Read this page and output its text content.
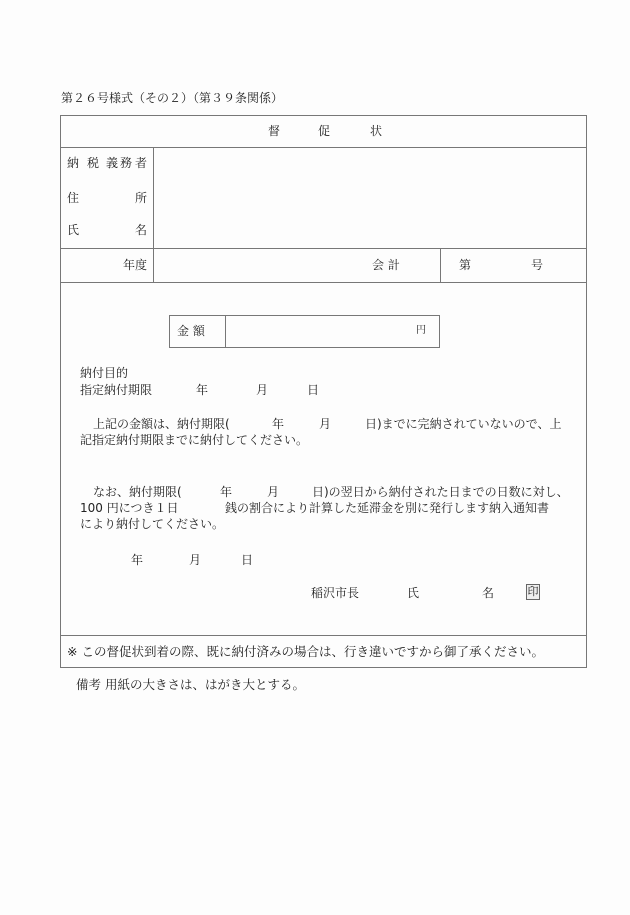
第２６号様式（その２）（第３９条関係）
督	促	状
納 税 義 務 者
住	所
氏	名
年度	会 計	第	号
金 額	円
納付目的
指定納付期限	年	月	日
上記の金額は、納付期限(	年	月	日)までに完納されていないので、上
記指定納付期限までに納付してください。
なお、納付期限(	年	月	日)の翌日から納付された日までの日数に対し、
100 円につき１日	銭の割合により計算した延滞金を別に発行します納入通知書
により納付してください。
年	月	日
稲沢市長	氏	名	印
※ この督促状到着の際、既に納付済みの場合は、行き違いですから御了承ください。
備考 用紙の大きさは、はがき大とする。
